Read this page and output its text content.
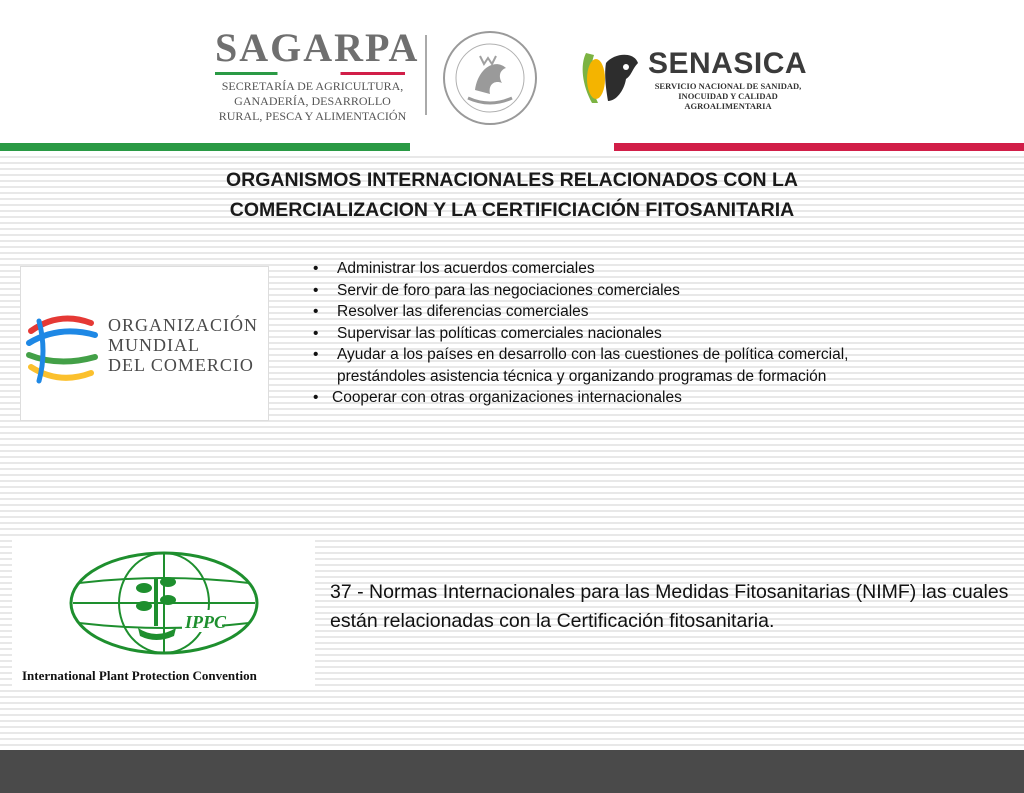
SAGARPA
SECRETARÍA DE AGRICULTURA, GANADERÍA, DESARROLLO RURAL, PESCA Y ALIMENTACIÓN
SENASICA
SERVICIO NACIONAL DE SANIDAD, INOCUIDAD Y CALIDAD AGROALIMENTARIA
ORGANISMOS INTERNACIONALES RELACIONADOS CON LA COMERCIALIZACION Y LA CERTIFICIACIÓN FITOSANITARIA
ORGANIZACIÓN
MUNDIAL
DEL COMERCIO
• Administrar los acuerdos comerciales
• Servir de foro para las negociaciones comerciales
• Resolver las diferencias comerciales
• Supervisar las políticas comerciales nacionales
• Ayudar a los países en desarrollo con las cuestiones de política comercial, prestándoles asistencia técnica y organizando programas de formación
• Cooperar con otras organizaciones internacionales
IPPC
International Plant Protection Convention
37 - Normas Internacionales para las Medidas Fitosanitarias (NIMF) las cuales están relacionadas con la Certificación fitosanitaria.
